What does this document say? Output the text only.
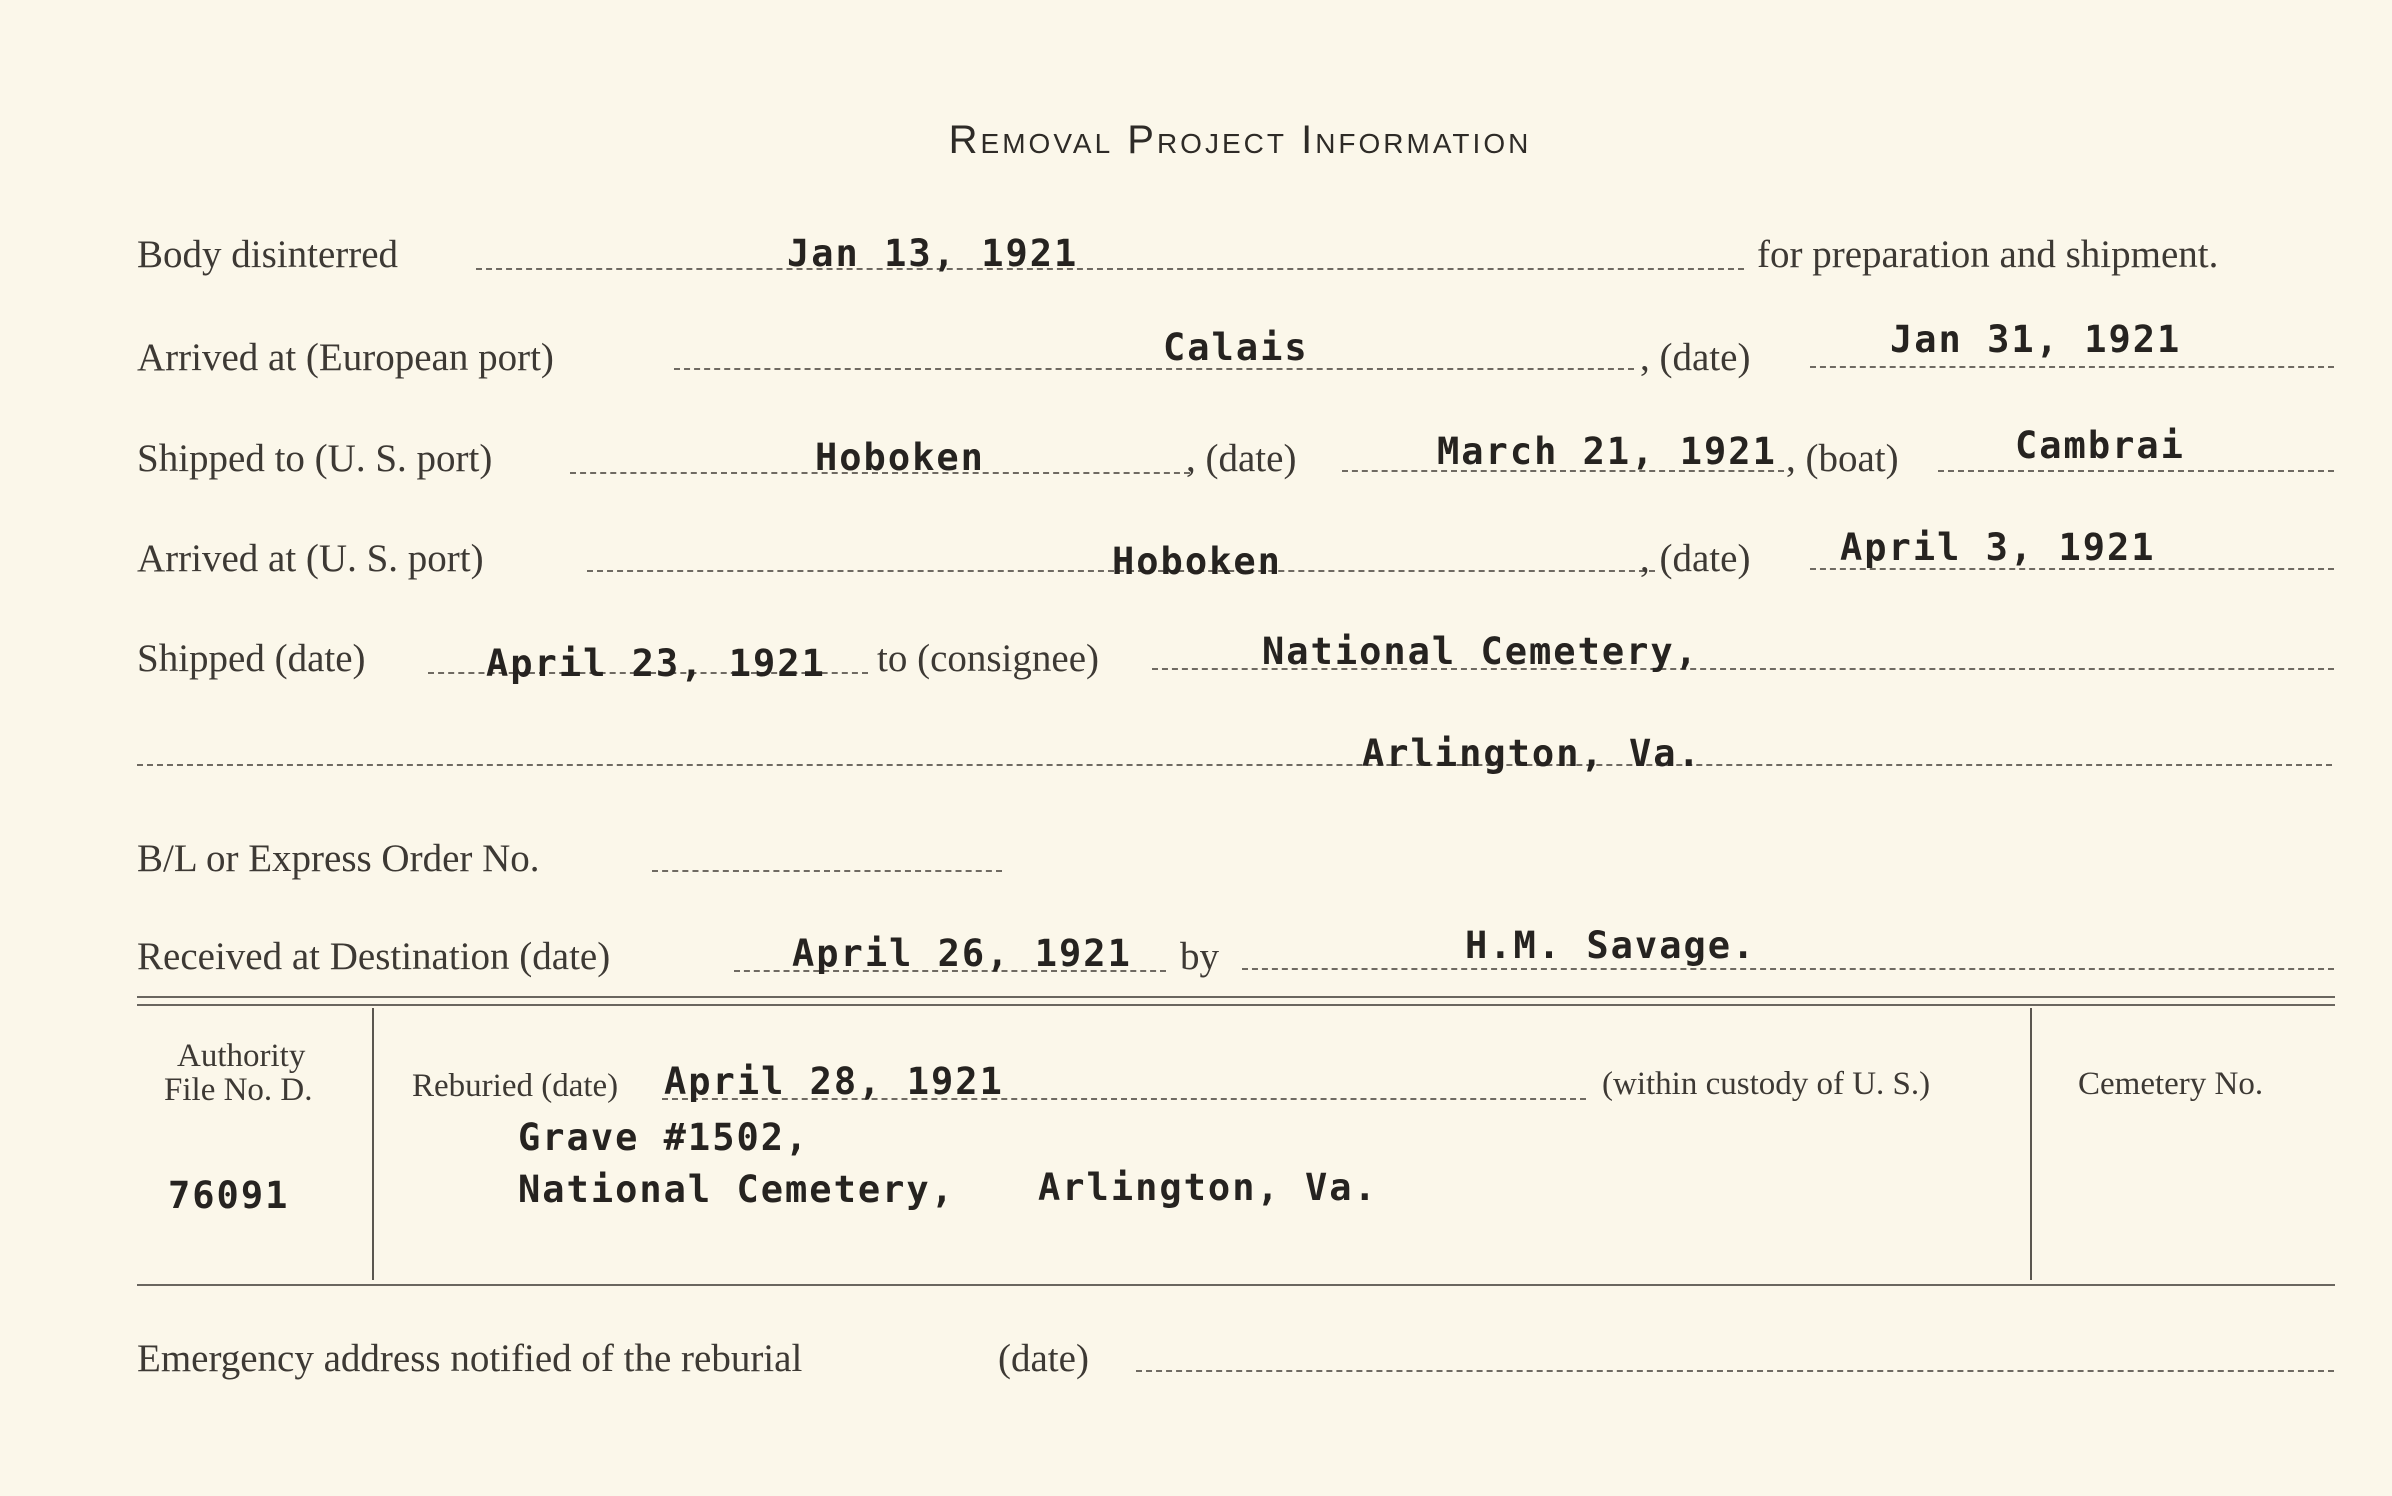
Removal Project Information
Body disinterred	Jan 13, 1921	for preparation and shipment.
Arrived at (European port)	Calais	, (date)	Jan 31, 1921
Shipped to (U. S. port)	Hoboken	, (date)	March 21, 1921 , (boat)	Cambrai
Arrived at (U. S. port)	Hoboken	, (date) April 3, 1921
Shipped (date)	April 23, 1921 to (consignee)	National Cemetery,
Arlington, Va.
B/L or Express Order No.
Received at Destination (date)	April 26, 1921 by	H.M. Savage.
Authority
File No. D.
76091
Reburied (date) April 28, 1921	(within custody of U. S.)
Grave #1502,
National Cemetery, Arlington, Va.
Cemetery No.
Emergency address notified of the reburial	(date)
